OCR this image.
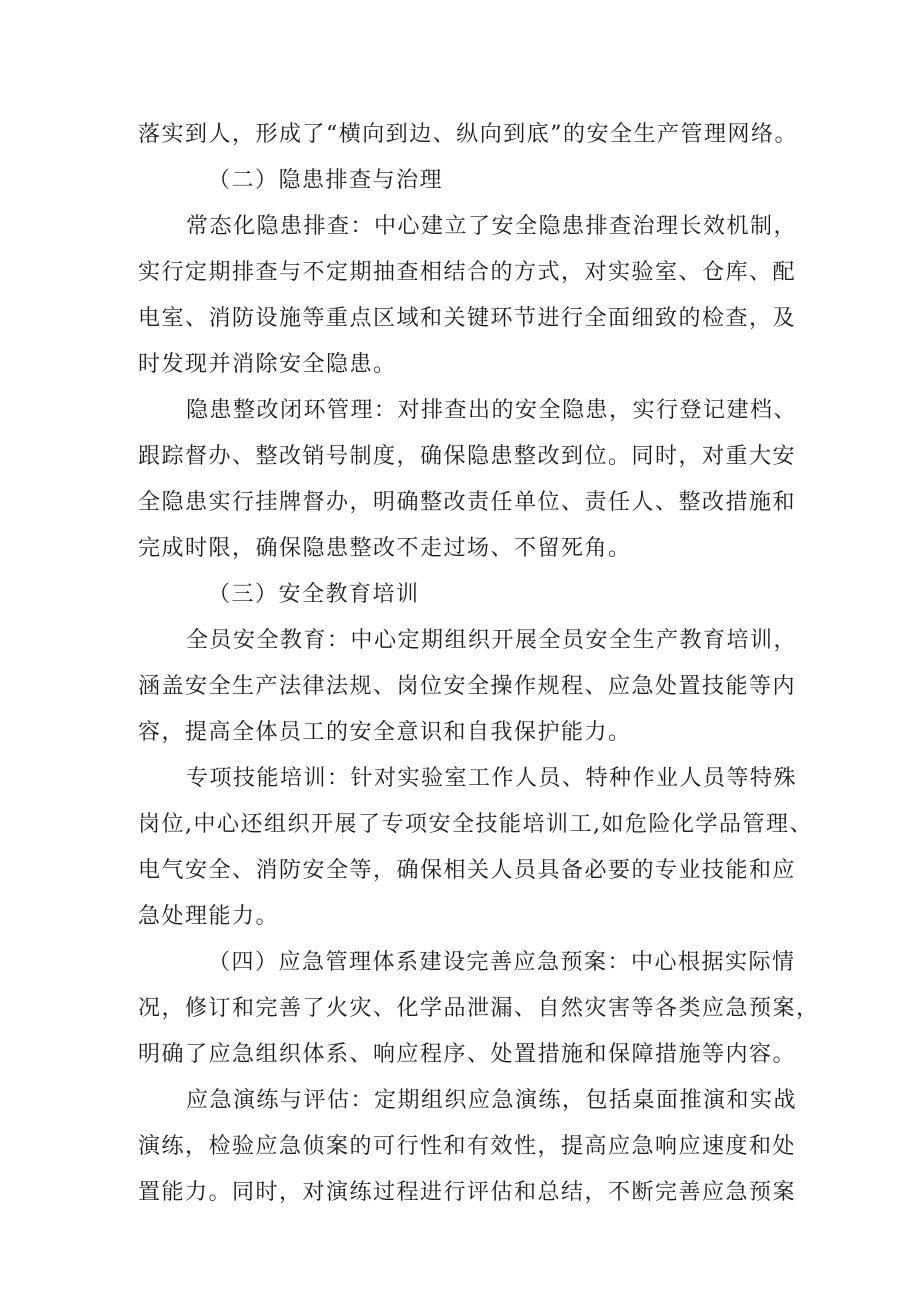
落实到人，形成了“横向到边、纵向到底”的安全生产管理网络。
（二）隐患排查与治理
常态化隐患排查：中心建立了安全隐患排查治理长效机制，
实行定期排查与不定期抽查相结合的方式，对实验室、仓库、配
电室、消防设施等重点区域和关键环节进行全面细致的检查，及
时发现并消除安全隐患。
隐患整改闭环管理：对排查出的安全隐患，实行登记建档、
跟踪督办、整改销号制度，确保隐患整改到位。同时，对重大安
全隐患实行挂牌督办，明确整改责任单位、责任人、整改措施和
完成时限，确保隐患整改不走过场、不留死角。
（三）安全教育培训
全员安全教育：中心定期组织开展全员安全生产教育培训，
涵盖安全生产法律法规、岗位安全操作规程、应急处置技能等内
容，提高全体员工的安全意识和自我保护能力。
专项技能培训：针对实验室工作人员、特种作业人员等特殊
岗位,中心还组织开展了专项安全技能培训工,如危险化学品管理、
电气安全、消防安全等，确保相关人员具备必要的专业技能和应
急处理能力。
（四）应急管理体系建设完善应急预案：中心根据实际情
况，修订和完善了火灾、化学品泄漏、自然灾害等各类应急预案，
明确了应急组织体系、响应程序、处置措施和保障措施等内容。
应急演练与评估：定期组织应急演练，包括桌面推演和实战
演练，检验应急侦案的可行性和有效性，提高应急响应速度和处
置能力。同时，对演练过程进行评估和总结，不断完善应急预案
